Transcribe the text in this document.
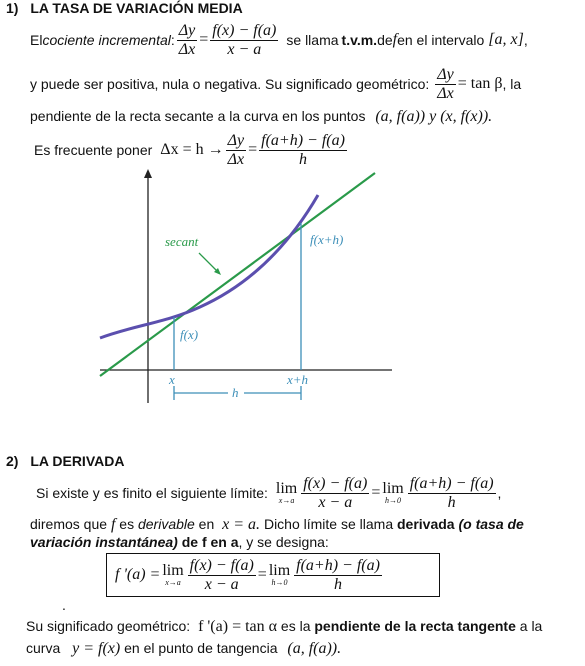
1) LA TASA DE VARIACIÓN MEDIA
El cociente incremental : $\frac{\Delta y}{\Delta x} = \frac{f(x) - f(a)}{x - a}$ se llama t.v.m. de f en el intervalo [a, x] ,
y puede ser positiva, nula o negativa. Su significado geométrico: $\frac{\Delta y}{\Delta x} = \tan \beta$ , la
pendiente de la recta secante a la curva en los puntos (a, f(a)) y (x, f(x)).
Es frecuente poner $\Delta x = h \to \frac{\Delta y}{\Delta x} = \frac{f(a+h) - f(a)}{h}$
secant	f(x+h)
f(x)
x	x+h
h
2) LA DERIVADA
Si existe y es finito el siguiente límite: lim
$x\to a \frac{f(x) - f(a)}{x - a} = \lim$
$h\to 0 \frac{f(a+h) - f(a)}{h}$ ,
diremos que f es derivable en x = a. Dicho límite se llama derivada (o tasa de
variación instantánea) de f en a, y se designa:
f '(a) = lim
$x\to a \frac{f(x) - f(a)}{x - a} = \lim$
$h\to 0 \frac{f(a+h) - f(a)}{h}$
.
Su significado geométrico: f '(a) = tan α es la pendiente de la recta tangente a la
curva y = f(x) en el punto de tangencia (a, f(a)).
